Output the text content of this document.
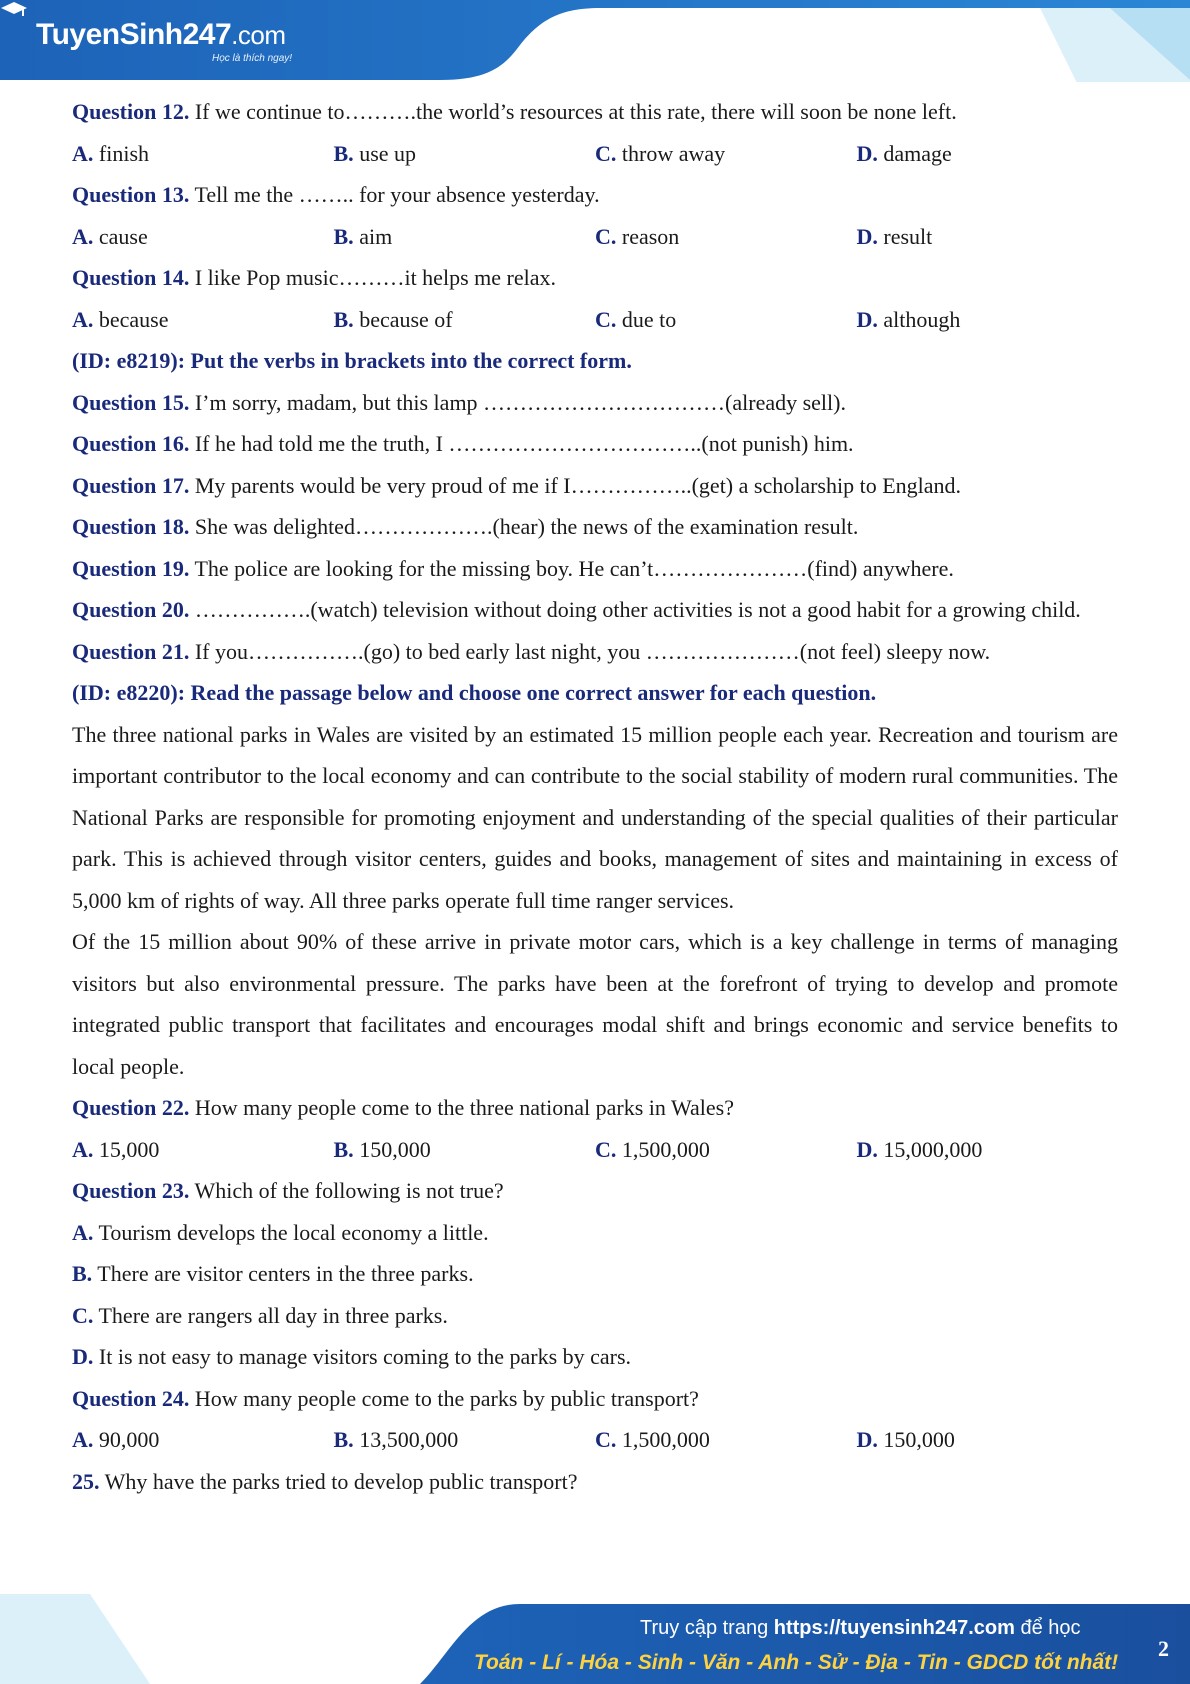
TuyenSinh247.com
Học là thích ngay!
Question 12. If we continue to……….the world’s resources at this rate, there will soon be none left.
A. finish	B. use up	C. throw away	D. damage
Question 13. Tell me the …….. for your absence yesterday.
A. cause	B. aim	C. reason	D. result
Question 14. I like Pop music………it helps me relax.
A. because	B. because of	C. due to	D. although
(ID: e8219): Put the verbs in brackets into the correct form.
Question 15. I’m sorry, madam, but this lamp ……………………………(already sell).
Question 16. If he had told me the truth, I ……………………………..(not punish) him.
Question 17. My parents would be very proud of me if I……………..(get) a scholarship to England.
Question 18. She was delighted……………….(hear) the news of the examination result.
Question 19. The police are looking for the missing boy. He can’t…………………(find) anywhere.
Question 20. …………….(watch) television without doing other activities is not a good habit for a growing child.
Question 21. If you…………….(go) to bed early last night, you …………………(not feel) sleepy now.
(ID: e8220): Read the passage below and choose one correct answer for each question.
The three national parks in Wales are visited by an estimated 15 million people each year. Recreation and tourism are important contributor to the local economy and can contribute to the social stability of modern rural communities. The National Parks are responsible for promoting enjoyment and understanding of the special qualities of their particular park. This is achieved through visitor centers, guides and books, management of sites and maintaining in excess of 5,000 km of rights of way. All three parks operate full time ranger services.
Of the 15 million about 90% of these arrive in private motor cars, which is a key challenge in terms of managing visitors but also environmental pressure. The parks have been at the forefront of trying to develop and promote integrated public transport that facilitates and encourages modal shift and brings economic and service benefits to local people.
Question 22. How many people come to the three national parks in Wales?
A. 15,000	B. 150,000	C. 1,500,000	D. 15,000,000
Question 23. Which of the following is not true?
A. Tourism develops the local economy a little.
B. There are visitor centers in the three parks.
C. There are rangers all day in three parks.
D. It is not easy to manage visitors coming to the parks by cars.
Question 24. How many people come to the parks by public transport?
A. 90,000	B. 13,500,000	C. 1,500,000	D. 150,000
25. Why have the parks tried to develop public transport?
Truy cập trang https://tuyensinh247.com để học
Toán - Lí - Hóa - Sinh - Văn - Anh - Sử - Địa - Tin - GDCD tốt nhất!
2
